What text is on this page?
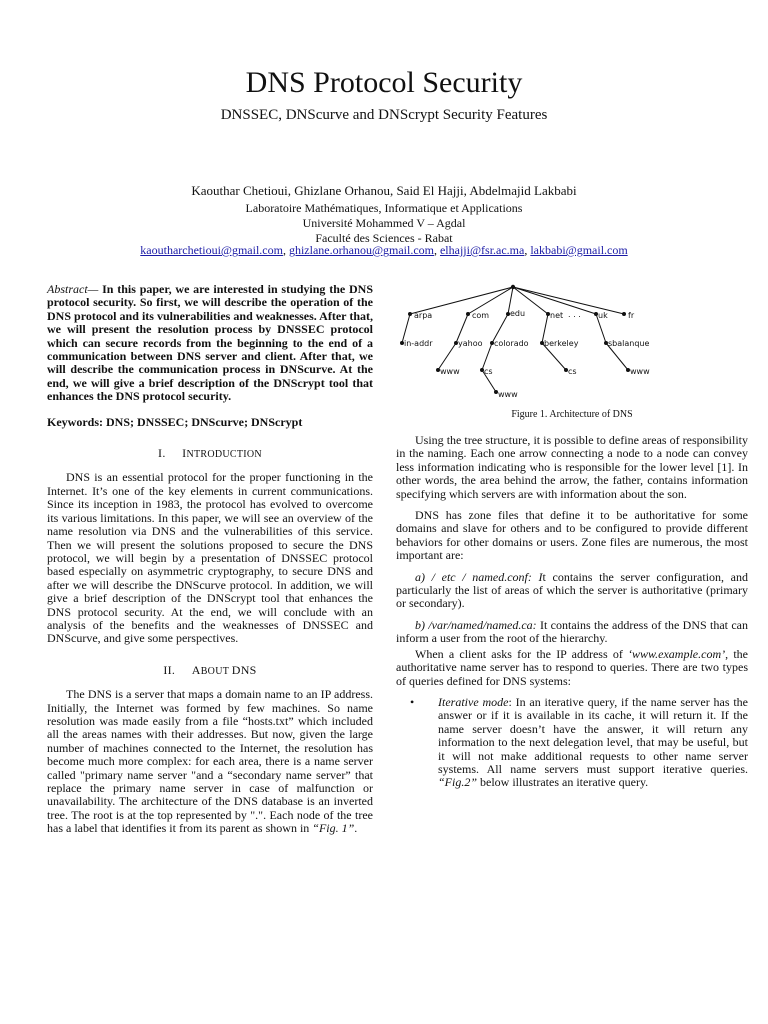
DNS Protocol Security
DNSSEC, DNScurve and DNScrypt Security Features
Kaouthar Chetioui, Ghizlane Orhanou, Said El Hajji, Abdelmajid Lakbabi
Laboratoire Mathématiques, Informatique et Applications
Université Mohammed V – Agdal
Faculté des Sciences - Rabat
kaoutharchetioui@gmail.com, ghizlane.orhanou@gmail.com, elhajji@fsr.ac.ma, lakbabi@gmail.com

Abstract— In this paper, we are interested in studying the DNS protocol security. So first, we will describe the operation of the DNS protocol and its vulnerabilities and weaknesses. After that, we will present the resolution process by DNSSEC protocol which can secure records from the beginning to the end of a communication between DNS server and client. After that, we will describe the communication process in DNScurve. At the end, we will give a brief description of the DNScrypt tool that enhances the DNS protocol security.

Keywords: DNS; DNSSEC; DNScurve; DNScrypt

I. INTRODUCTION

DNS is an essential protocol for the proper functioning in the Internet. It’s one of the key elements in current communications. Since its inception in 1983, the protocol has evolved to overcome its various limitations. In this paper, we will see an overview of the name resolution via DNS and the vulnerabilities of this service. Then we will present the solutions proposed to secure the DNS protocol, we will begin by a presentation of DNSSEC protocol based especially on asymmetric cryptography, to secure DNS and after we will describe the DNScurve protocol. In addition, we will give a brief description of the DNScrypt tool that enhances the DNS protocol security. At the end, we will conclude with an analysis of the benefits and the weaknesses of DNSSEC and DNScurve, and give some perspectives.

II. ABOUT DNS

The DNS is a server that maps a domain name to an IP address. Initially, the Internet was formed by few machines. So name resolution was made easily from a file “hosts.txt” which included all the areas names with their addresses. But now, given the large number of machines connected to the Internet, the resolution has become much more complex: for each area, there is a name server called "primary name server "and a “secondary name server” that replace the primary name server in case of malfunction or unavailability. The architecture of the DNS database is an inverted tree. The root is at the top represented by ".". Each node of the tree has a label that identifies it from its parent as shown in “Fig. 1”.

arpa	com	edu	net . . . uk	fr
in-addr	yahoo colorado berkeley	sbalanque
www	cs	cs	www
www
Figure 1. Architecture of DNS

Using the tree structure, it is possible to define areas of responsibility in the naming. Each one arrow connecting a node to a node can convey less information indicating who is responsible for the lower level [1]. In other words, the area behind the arrow, the father, contains information specifying which servers are with information about the son.

DNS has zone files that define it to be authoritative for some domains and slave for others and to be configured to provide different behaviors for other domains or users. Zone files are numerous, the most important are:

a) / etc / named.conf: It contains the server configuration, and particularly the list of areas of which the server is authoritative (primary or secondary).

b) /var/named/named.ca: It contains the address of the DNS that can inform a user from the root of the hierarchy.

When a client asks for the IP address of ‘www.example.com’, the authoritative name server has to respond to queries. There are two types of queries defined for DNS systems:

• Iterative mode: In an iterative query, if the name server has the answer or if it is available in its cache, it will return it. If the name server doesn’t have the answer, it will return any information to the next delegation level, that may be useful, but it will not make additional requests to other name server systems. All name servers must support iterative queries. “Fig.2” below illustrates an iterative query.
